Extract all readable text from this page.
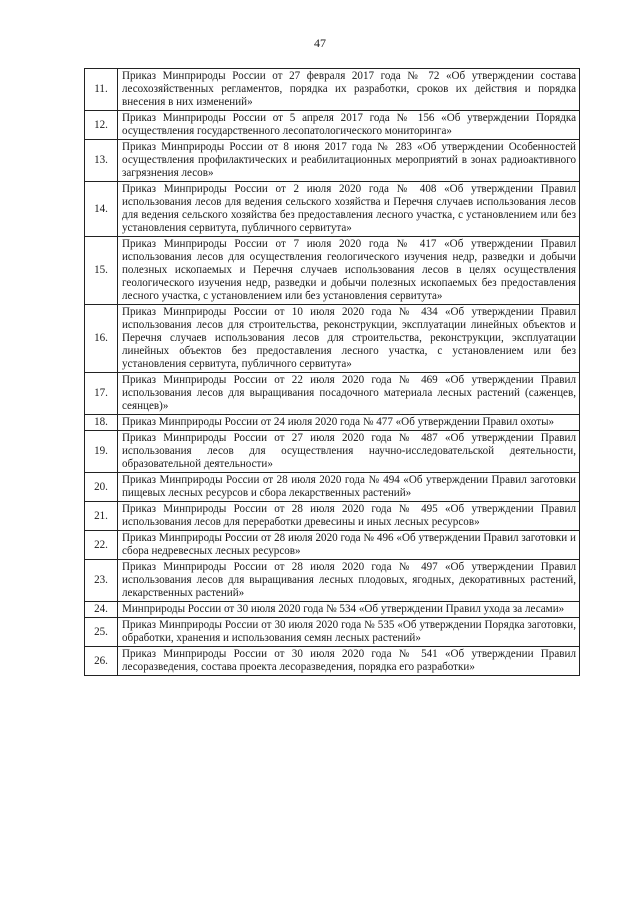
47
11.	Приказ Минприроды России от 27 февраля 2017 года № 72 «Об утверждении состава лесохозяйственных регламентов, порядка их разработки, сроков их действия и порядка внесения в них изменений»
12.	Приказ Минприроды России от 5 апреля 2017 года № 156 «Об утверждении Порядка осуществления государственного лесопатологического мониторинга»
13.	Приказ Минприроды России от 8 июня 2017 года № 283 «Об утверждении Особенностей осуществления профилактических и реабилитационных мероприятий в зонах радиоактивного загрязнения лесов»
14.	Приказ Минприроды России от 2 июля 2020 года № 408 «Об утверждении Правил использования лесов для ведения сельского хозяйства и Перечня случаев использования лесов для ведения сельского хозяйства без предоставления лесного участка, с установлением или без установления сервитута, публичного сервитута»
15.	Приказ Минприроды России от 7 июля 2020 года № 417 «Об утверждении Правил использования лесов для осуществления геологического изучения недр, разведки и добычи полезных ископаемых и Перечня случаев использования лесов в целях осуществления геологического изучения недр, разведки и добычи полезных ископаемых без предоставления лесного участка, с установлением или без установления сервитута»
16.	Приказ Минприроды России от 10 июля 2020 года № 434 «Об утверждении Правил использования лесов для строительства, реконструкции, эксплуатации линейных объектов и Перечня случаев использования лесов для строительства, реконструкции, эксплуатации линейных объектов без предоставления лесного участка, с установлением или без установления сервитута, публичного сервитута»
17.	Приказ Минприроды России от 22 июля 2020 года № 469 «Об утверждении Правил использования лесов для выращивания посадочного материала лесных растений (саженцев, сеянцев)»
18.	Приказ Минприроды России от 24 июля 2020 года № 477 «Об утверждении Правил охоты»
19.	Приказ Минприроды России от 27 июля 2020 года № 487 «Об утверждении Правил использования лесов для осуществления научно-исследовательской деятельности, образовательной деятельности»
20.	Приказ Минприроды России от 28 июля 2020 года № 494 «Об утверждении Правил заготовки пищевых лесных ресурсов и сбора лекарственных растений»
21.	Приказ Минприроды России от 28 июля 2020 года № 495 «Об утверждении Правил использования лесов для переработки древесины и иных лесных ресурсов»
22.	Приказ Минприроды России от 28 июля 2020 года № 496 «Об утверждении Правил заготовки и сбора недревесных лесных ресурсов»
23.	Приказ Минприроды России от 28 июля 2020 года № 497 «Об утверждении Правил использования лесов для выращивания лесных плодовых, ягодных, декоративных растений, лекарственных растений»
24.	Минприроды России от 30 июля 2020 года № 534 «Об утверждении Правил ухода за лесами»
25.	Приказ Минприроды России от 30 июля 2020 года № 535 «Об утверждении Порядка заготовки, обработки, хранения и использования семян лесных растений»
26.	Приказ Минприроды России от 30 июля 2020 года № 541 «Об утверждении Правил лесоразведения, состава проекта лесоразведения, порядка его разработки»
